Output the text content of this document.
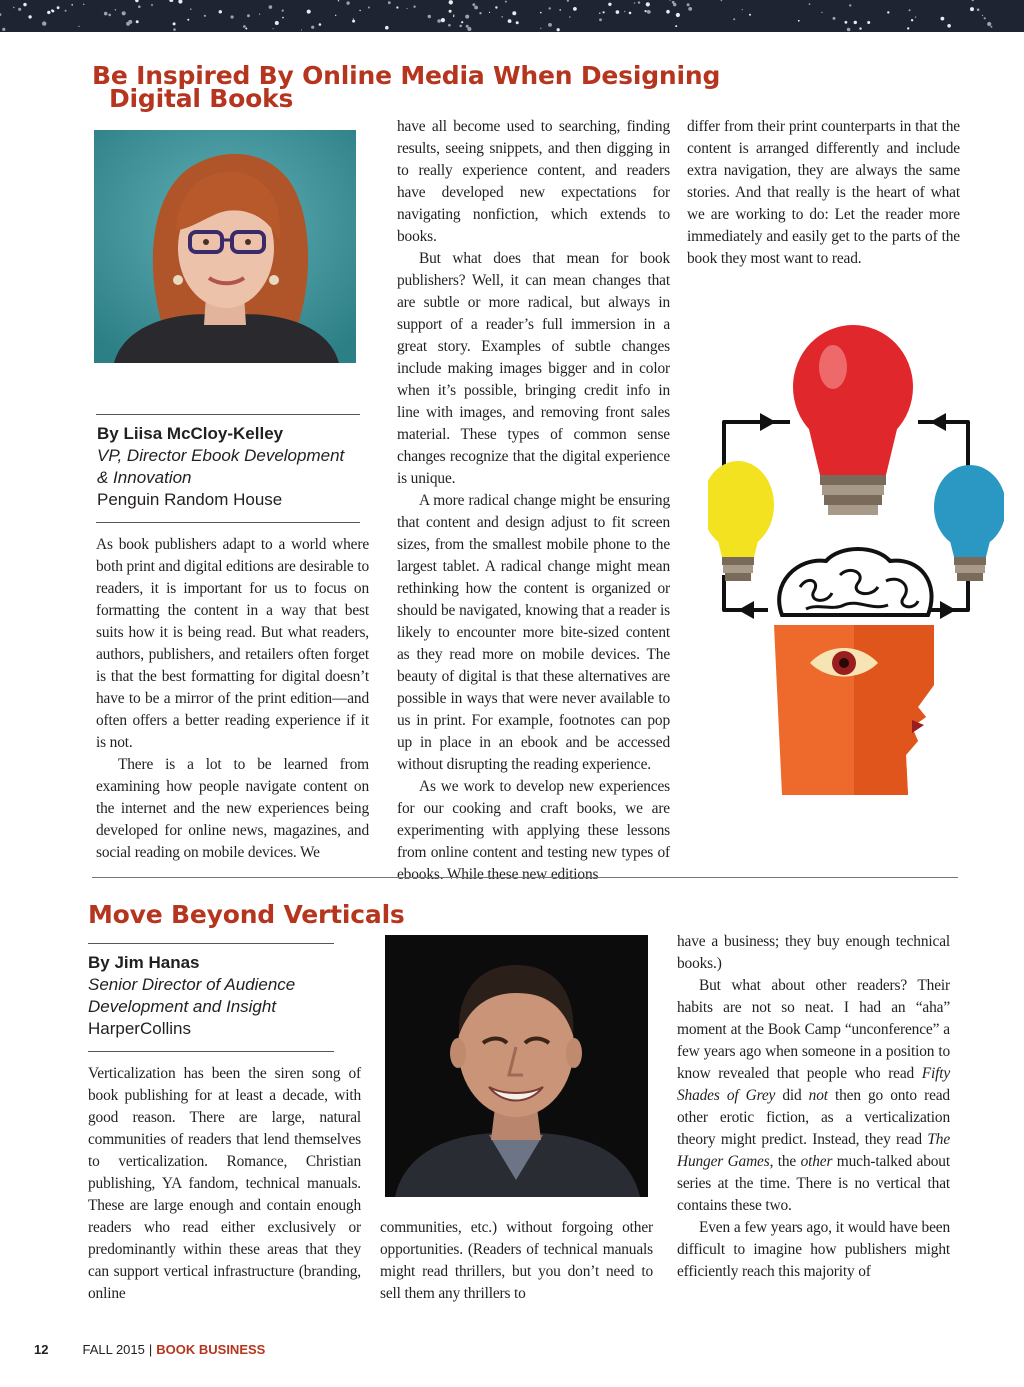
Be Inspired By Online Media When Designing
Digital Books
By Liisa McCloy-Kelley
VP, Director Ebook Development
& Innovation
Penguin Random House

As book publishers adapt to a world where both print and digital editions are desirable to readers, it is important for us to focus on formatting the content in a way that best suits how it is being read. But what readers, authors, publishers, and retailers often forget is that the best formatting for digital doesn’t have to be a mirror of the print edition—and often offers a better reading experience if it is not.

There is a lot to be learned from examining how people navigate content on the internet and the new experiences being developed for online news, magazines, and social reading on mobile devices. We

have all become used to searching, finding results, seeing snippets, and then digging in to really experience content, and readers have developed new expectations for navigating nonfiction, which extends to books.

But what does that mean for book publishers? Well, it can mean changes that are subtle or more radical, but always in support of a reader’s full immersion in a great story. Examples of subtle changes include making images bigger and in color when it’s possible, bringing credit info in line with images, and removing front sales material. These types of common sense changes recognize that the digital experience is unique.

A more radical change might be ensuring that content and design adjust to fit screen sizes, from the smallest mobile phone to the largest tablet. A radical change might mean rethinking how the content is organized or should be navigated, knowing that a reader is likely to encounter more bite-sized content as they read more on mobile devices. The beauty of digital is that these alternatives are possible in ways that were never available to us in print. For example, footnotes can pop up in place in an ebook and be accessed without disrupting the reading experience.

As we work to develop new experiences for our cooking and craft books, we are experimenting with applying these lessons from online content and testing new types of ebooks. While these new editions

differ from their print counterparts in that the content is arranged differently and include extra navigation, they are always the same stories. And that really is the heart of what we are working to do: Let the reader more immediately and easily get to the parts of the book they most want to read.

Move Beyond Verticals
By Jim Hanas
Senior Director of Audience
Development and Insight
HarperCollins

Verticalization has been the siren song of book publishing for at least a decade, with good reason. There are large, natural communities of readers that lend themselves to verticalization. Romance, Christian publishing, YA fandom, technical manuals. These are large enough and contain enough readers who read either exclusively or predominantly within these areas that they can support vertical infrastructure (branding, online

communities, etc.) without forgoing other opportunities. (Readers of technical manuals might read thrillers, but you don’t need to sell them any thrillers to

have a business; they buy enough technical books.)

But what about other readers? Their habits are not so neat. I had an “aha” moment at the Book Camp “unconference” a few years ago when someone in a position to know revealed that people who read Fifty Shades of Grey did not then go onto read other erotic fiction, as a verticalization theory might predict. Instead, they read The Hunger Games, the other much-talked about series at the time. There is no vertical that contains these two.

Even a few years ago, it would have been difficult to imagine how publishers might efficiently reach this majority of

12	FALL 2015 | BOOK BUSINESS
